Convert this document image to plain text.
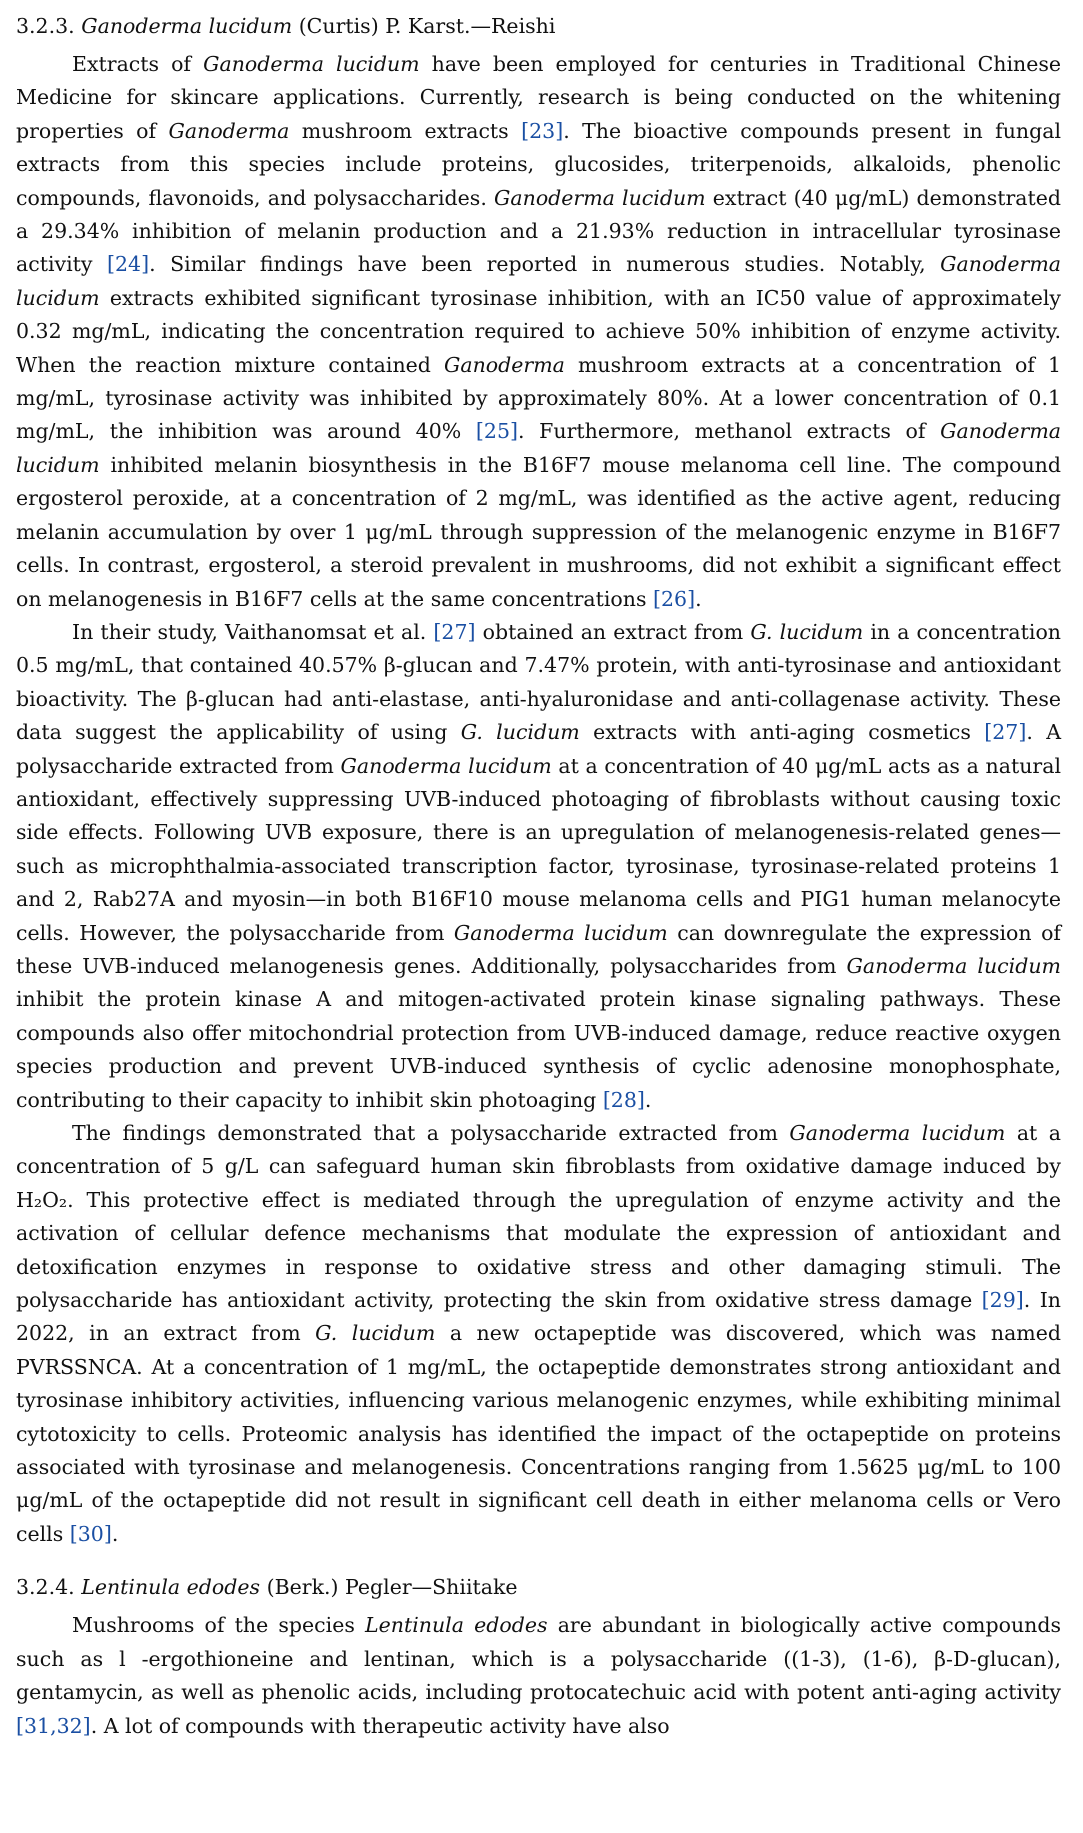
3.2.3. Ganoderma lucidum (Curtis) P. Karst.—Reishi

Extracts of Ganoderma lucidum have been employed for centuries in Traditional Chinese Medicine for skincare applications. Currently, research is being conducted on the whitening properties of Ganoderma mushroom extracts [23]. The bioactive compounds present in fungal extracts from this species include proteins, glucosides, triterpenoids, alkaloids, phenolic compounds, flavonoids, and polysaccharides. Ganoderma lucidum extract (40 μg/mL) demonstrated a 29.34% inhibition of melanin production and a 21.93% reduction in intracellular tyrosinase activity [24]. Similar findings have been reported in numerous studies. Notably, Ganoderma lucidum extracts exhibited significant tyrosinase inhibition, with an IC50 value of approximately 0.32 mg/mL, indicating the concentration required to achieve 50% inhibition of enzyme activity. When the reaction mixture contained Ganoderma mushroom extracts at a concentration of 1 mg/mL, tyrosinase activity was inhibited by approximately 80%. At a lower concentration of 0.1 mg/mL, the inhibition was around 40% [25]. Furthermore, methanol extracts of Ganoderma lucidum inhibited melanin biosynthesis in the B16F7 mouse melanoma cell line. The compound ergosterol peroxide, at a concentration of 2 mg/mL, was identified as the active agent, reducing melanin accumulation by over 1 μg/mL through suppression of the melanogenic enzyme in B16F7 cells. In contrast, ergosterol, a steroid prevalent in mushrooms, did not exhibit a significant effect on melanogenesis in B16F7 cells at the same concentrations [26].

In their study, Vaithanomsat et al. [27] obtained an extract from G. lucidum in a concentration 0.5 mg/mL, that contained 40.57% β-glucan and 7.47% protein, with anti-tyrosinase and antioxidant bioactivity. The β-glucan had anti-elastase, anti-hyaluronidase and anti-collagenase activity. These data suggest the applicability of using G. lucidum extracts with anti-aging cosmetics [27]. A polysaccharide extracted from Ganoderma lucidum at a concentration of 40 μg/mL acts as a natural antioxidant, effectively suppressing UVB-induced photoaging of fibroblasts without causing toxic side effects. Following UVB exposure, there is an upregulation of melanogenesis-related genes—such as microphthalmia-associated transcription factor, tyrosinase, tyrosinase-related proteins 1 and 2, Rab27A and myosin—in both B16F10 mouse melanoma cells and PIG1 human melanocyte cells. However, the polysaccharide from Ganoderma lucidum can downregulate the expression of these UVB-induced melanogenesis genes. Additionally, polysaccharides from Ganoderma lucidum inhibit the protein kinase A and mitogen-activated protein kinase signaling pathways. These compounds also offer mitochondrial protection from UVB-induced damage, reduce reactive oxygen species production and prevent UVB-induced synthesis of cyclic adenosine monophosphate, contributing to their capacity to inhibit skin photoaging [28].

The findings demonstrated that a polysaccharide extracted from Ganoderma lucidum at a concentration of 5 g/L can safeguard human skin fibroblasts from oxidative damage induced by H₂O₂. This protective effect is mediated through the upregulation of enzyme activity and the activation of cellular defence mechanisms that modulate the expression of antioxidant and detoxification enzymes in response to oxidative stress and other damaging stimuli. The polysaccharide has antioxidant activity, protecting the skin from oxidative stress damage [29]. In 2022, in an extract from G. lucidum a new octapeptide was discovered, which was named PVRSSNCA. At a concentration of 1 mg/mL, the octapeptide demonstrates strong antioxidant and tyrosinase inhibitory activities, influencing various melanogenic enzymes, while exhibiting minimal cytotoxicity to cells. Proteomic analysis has identified the impact of the octapeptide on proteins associated with tyrosinase and melanogenesis. Concentrations ranging from 1.5625 μg/mL to 100 μg/mL of the octapeptide did not result in significant cell death in either melanoma cells or Vero cells [30].

3.2.4. Lentinula edodes (Berk.) Pegler—Shiitake

Mushrooms of the species Lentinula edodes are abundant in biologically active compounds such as l -ergothioneine and lentinan, which is a polysaccharide ((1-3), (1-6), β-D-glucan), gentamycin, as well as phenolic acids, including protocatechuic acid with potent anti-aging activity [31,32]. A lot of compounds with therapeutic activity have also
